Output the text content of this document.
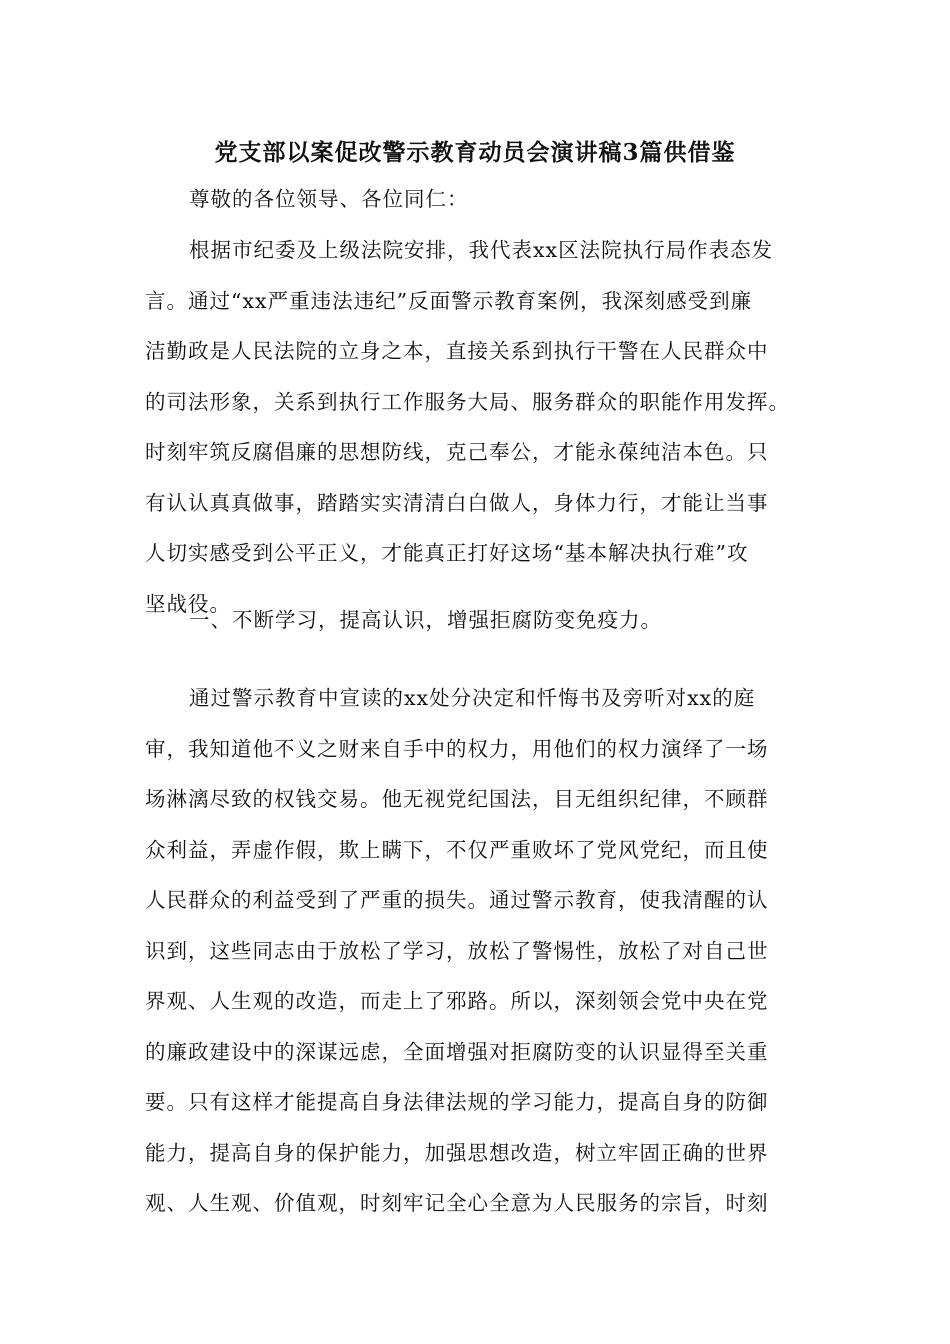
党支部以案促改警示教育动员会演讲稿3篇供借鉴
尊敬的各位领导、各位同仁：
根据市纪委及上级法院安排，我代表xx区法院执行局作表态发
言。通过“xx严重违法违纪”反面警示教育案例，我深刻感受到廉
洁勤政是人民法院的立身之本，直接关系到执行干警在人民群众中
的司法形象，关系到执行工作服务大局、服务群众的职能作用发挥。
时刻牢筑反腐倡廉的思想防线，克己奉公，才能永葆纯洁本色。只
有认认真真做事，踏踏实实清清白白做人，身体力行，才能让当事
人切实感受到公平正义，才能真正打好这场“基本解决执行难”攻
坚战役。
一、不断学习，提高认识，增强拒腐防变免疫力。
通过警示教育中宣读的xx处分决定和忏悔书及旁听对xx的庭
审，我知道他不义之财来自手中的权力，用他们的权力演绎了一场
场淋漓尽致的权钱交易。他无视党纪国法，目无组织纪律，不顾群
众利益，弄虚作假，欺上瞒下，不仅严重败坏了党风党纪，而且使
人民群众的利益受到了严重的损失。通过警示教育，使我清醒的认
识到，这些同志由于放松了学习，放松了警惕性，放松了对自己世
界观、人生观的改造，而走上了邪路。所以，深刻领会党中央在党
的廉政建设中的深谋远虑，全面增强对拒腐防变的认识显得至关重
要。只有这样才能提高自身法律法规的学习能力，提高自身的防御
能力，提高自身的保护能力，加强思想改造，树立牢固正确的世界
观、人生观、价值观，时刻牢记全心全意为人民服务的宗旨，时刻
